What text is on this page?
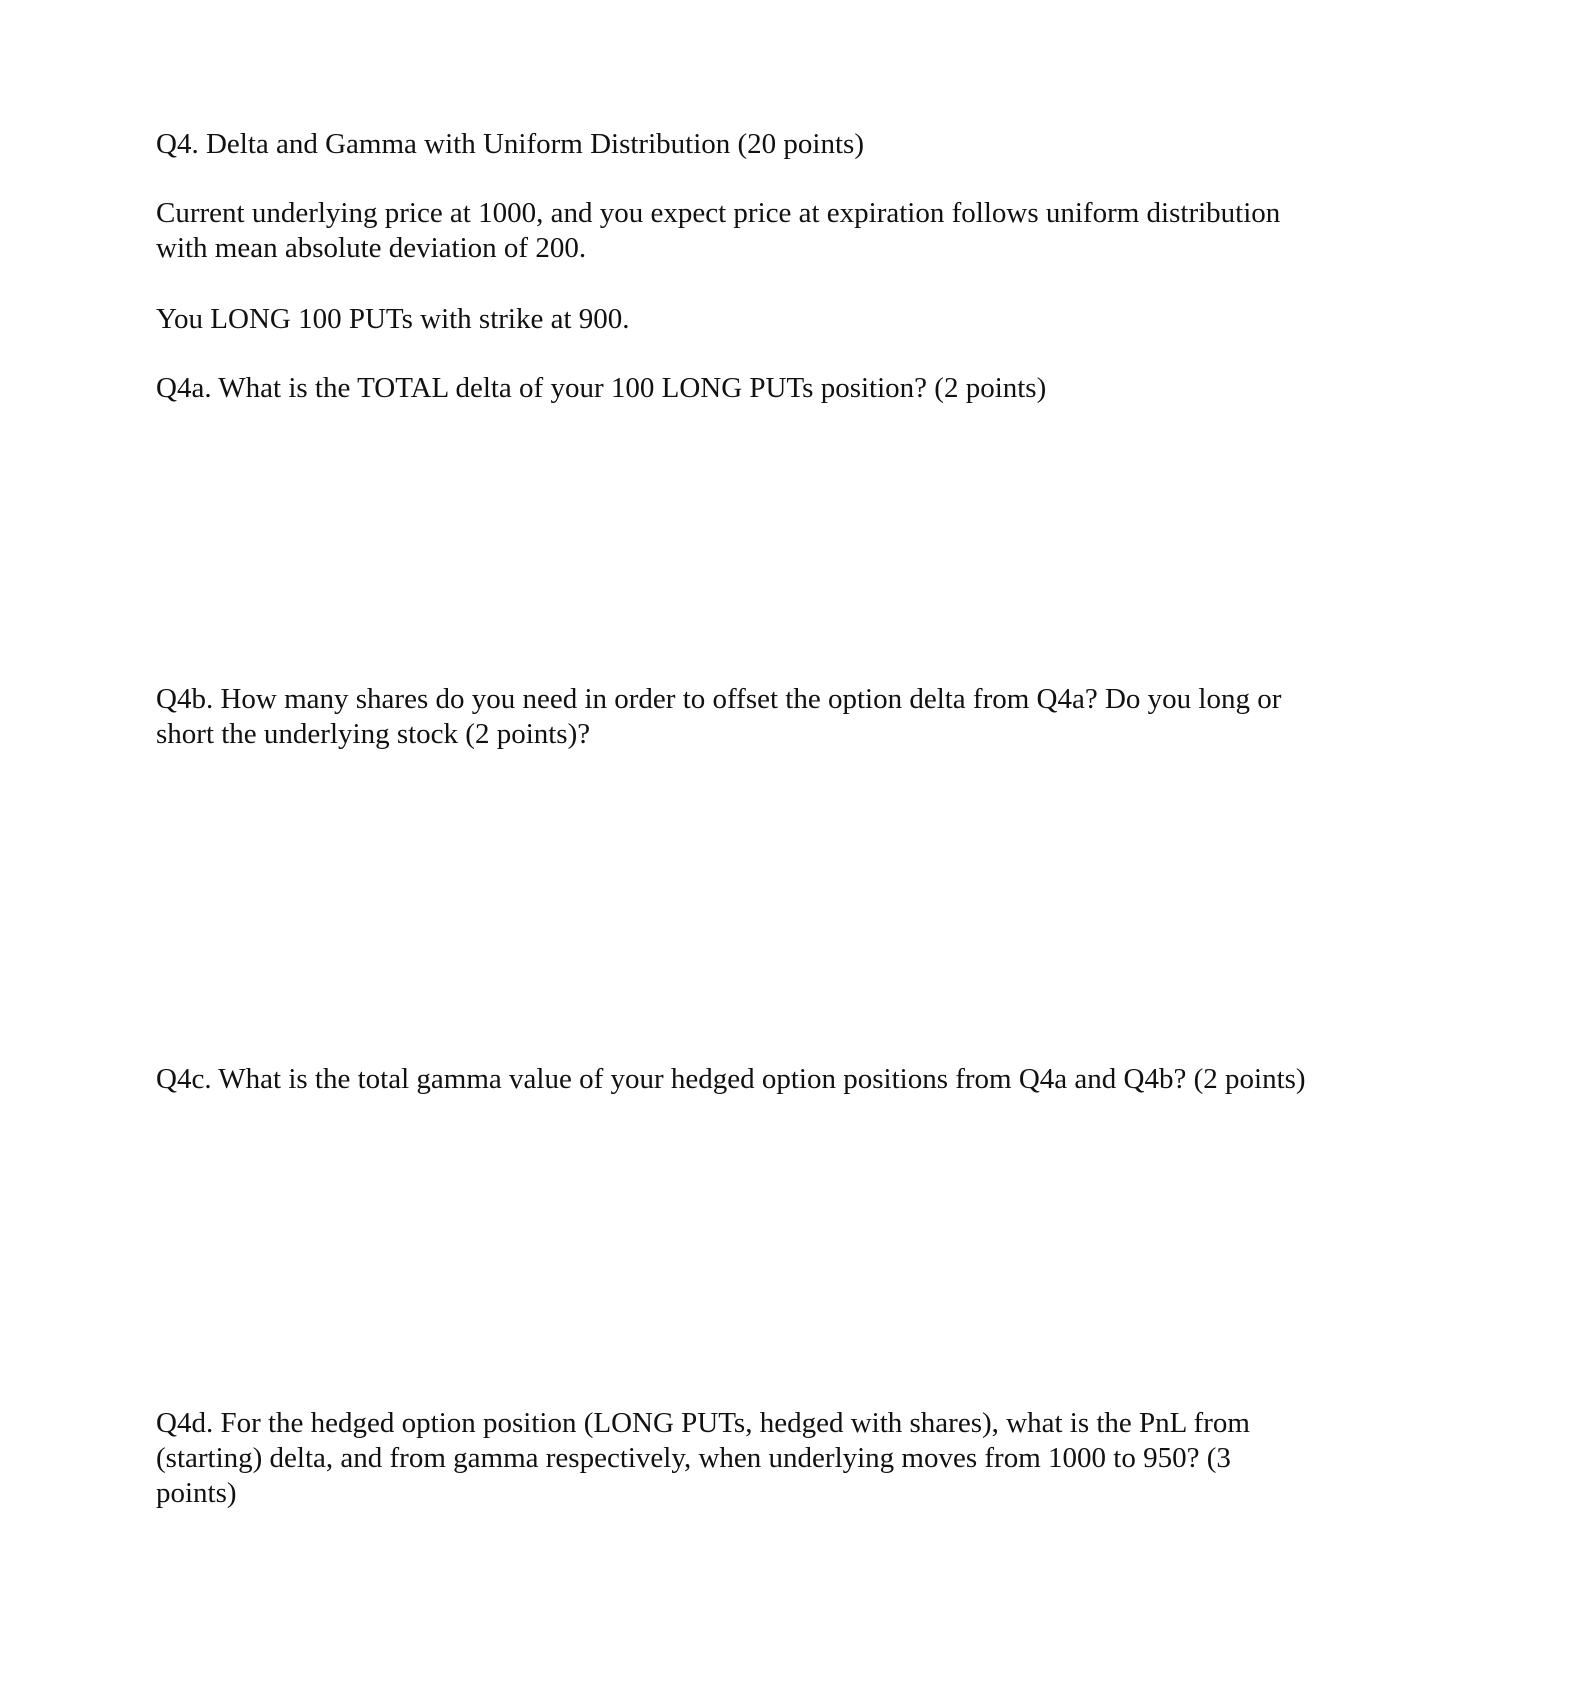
Q4. Delta and Gamma with Uniform Distribution (20 points)

Current underlying price at 1000, and you expect price at expiration follows uniform distribution
with mean absolute deviation of 200.

You LONG 100 PUTs with strike at 900.

Q4a. What is the TOTAL delta of your 100 LONG PUTs position? (2 points)

Q4b. How many shares do you need in order to offset the option delta from Q4a? Do you long or
short the underlying stock (2 points)?

Q4c. What is the total gamma value of your hedged option positions from Q4a and Q4b? (2 points)

Q4d. For the hedged option position (LONG PUTs, hedged with shares), what is the PnL from
(starting) delta, and from gamma respectively, when underlying moves from 1000 to 950? (3
points)
